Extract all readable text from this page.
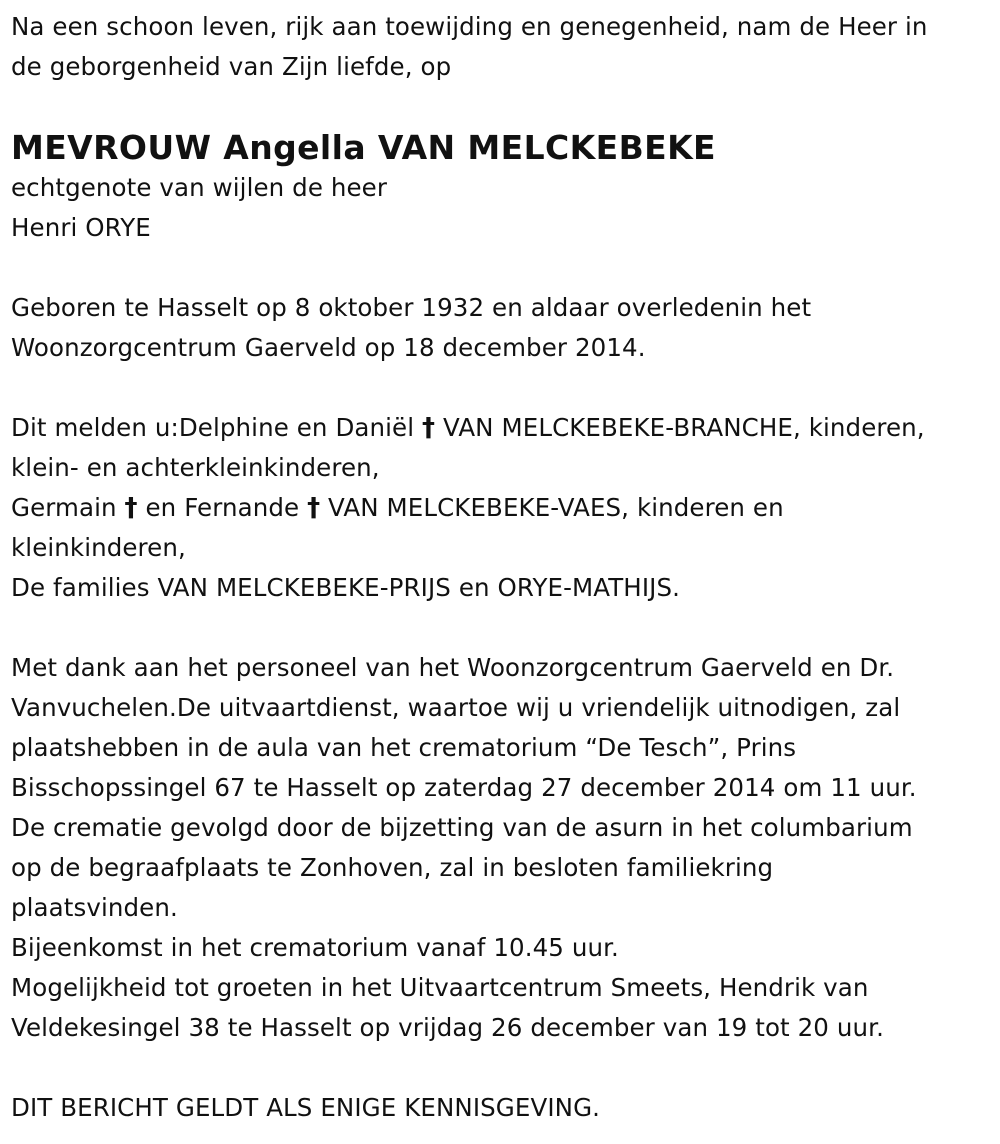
Na een schoon leven, rijk aan toewijding en genegenheid, nam de Heer in
de geborgenheid van Zijn liefde, op
MEVROUW Angella VAN MELCKEBEKE
echtgenote van wijlen de heer
Henri ORYE
Geboren te Hasselt op 8 oktober 1932 en aldaar overledenin het
Woonzorgcentrum Gaerveld op 18 december 2014.
Dit melden u:Delphine en Daniël † VAN MELCKEBEKE-BRANCHE, kinderen,
klein- en achterkleinkinderen,
Germain † en Fernande † VAN MELCKEBEKE-VAES, kinderen en
kleinkinderen,
De families VAN MELCKEBEKE-PRIJS en ORYE-MATHIJS.
Met dank aan het personeel van het Woonzorgcentrum Gaerveld en Dr.
Vanvuchelen.De uitvaartdienst, waartoe wij u vriendelijk uitnodigen, zal
plaatshebben in de aula van het crematorium “De Tesch”, Prins
Bisschopssingel 67 te Hasselt op zaterdag 27 december 2014 om 11 uur.
De crematie gevolgd door de bijzetting van de asurn in het columbarium
op de begraafplaats te Zonhoven, zal in besloten familiekring
plaatsvinden.
Bijeenkomst in het crematorium vanaf 10.45 uur.
Mogelijkheid tot groeten in het Uitvaartcentrum Smeets, Hendrik van
Veldekesingel 38 te Hasselt op vrijdag 26 december van 19 tot 20 uur.
DIT BERICHT GELDT ALS ENIGE KENNISGEVING.
